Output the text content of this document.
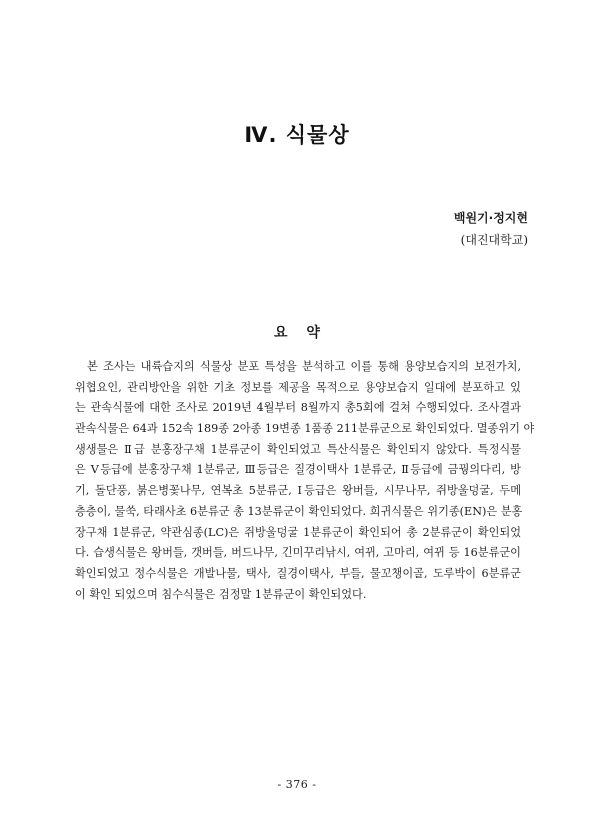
Ⅳ. 식물상
백원기·정지현
(대진대학교)
요 약
본 조사는 내륙습지의 식물상 분포 특성을 분석하고 이를 통해 용양보습지의 보전가치,
위협요인, 관리방안을 위한 기초 정보를 제공을 목적으로 용양보습지 일대에 분포하고 있
는 관속식물에 대한 조사로 2019년 4월부터 8월까지 총5회에 걸쳐 수행되었다. 조사결과
관속식물은 64과 152속 189종 2아종 19변종 1품종 211분류군으로 확인되었다. 멸종위기 야
생생물은 Ⅱ급 분홍장구채 1분류군이 확인되었고 특산식물은 확인되지 않았다. 특정식물
은 Ⅴ등급에 분홍장구채 1분류군, Ⅲ등급은 질경이택사 1분류군, Ⅱ등급에 금꿩의다리, 방
기, 돌단풍, 붉은병꽃나무, 연복초 5분류군, Ⅰ등급은 왕버들, 시무나무, 쥐방울덩굴, 두메
층층이, 물쑥, 타래사초 6분류군 총 13분류군이 확인되었다. 희귀식물은 위기종(EN)은 분홍
장구채 1분류군, 약관심종(LC)은 쥐방울덩굴 1분류군이 확인되어 총 2분류군이 확인되었
다. 습생식물은 왕버들, 갯버들, 버드나무, 긴미꾸리낚시, 여뀌, 고마리, 여뀌 등 16분류군이
확인되었고 정수식물은 개발나물, 택사, 질경이택사, 부들, 물꼬챙이골, 도루박이 6분류군
이 확인 되었으며 침수식물은 검정말 1분류군이 확인되었다.
- 376 -
